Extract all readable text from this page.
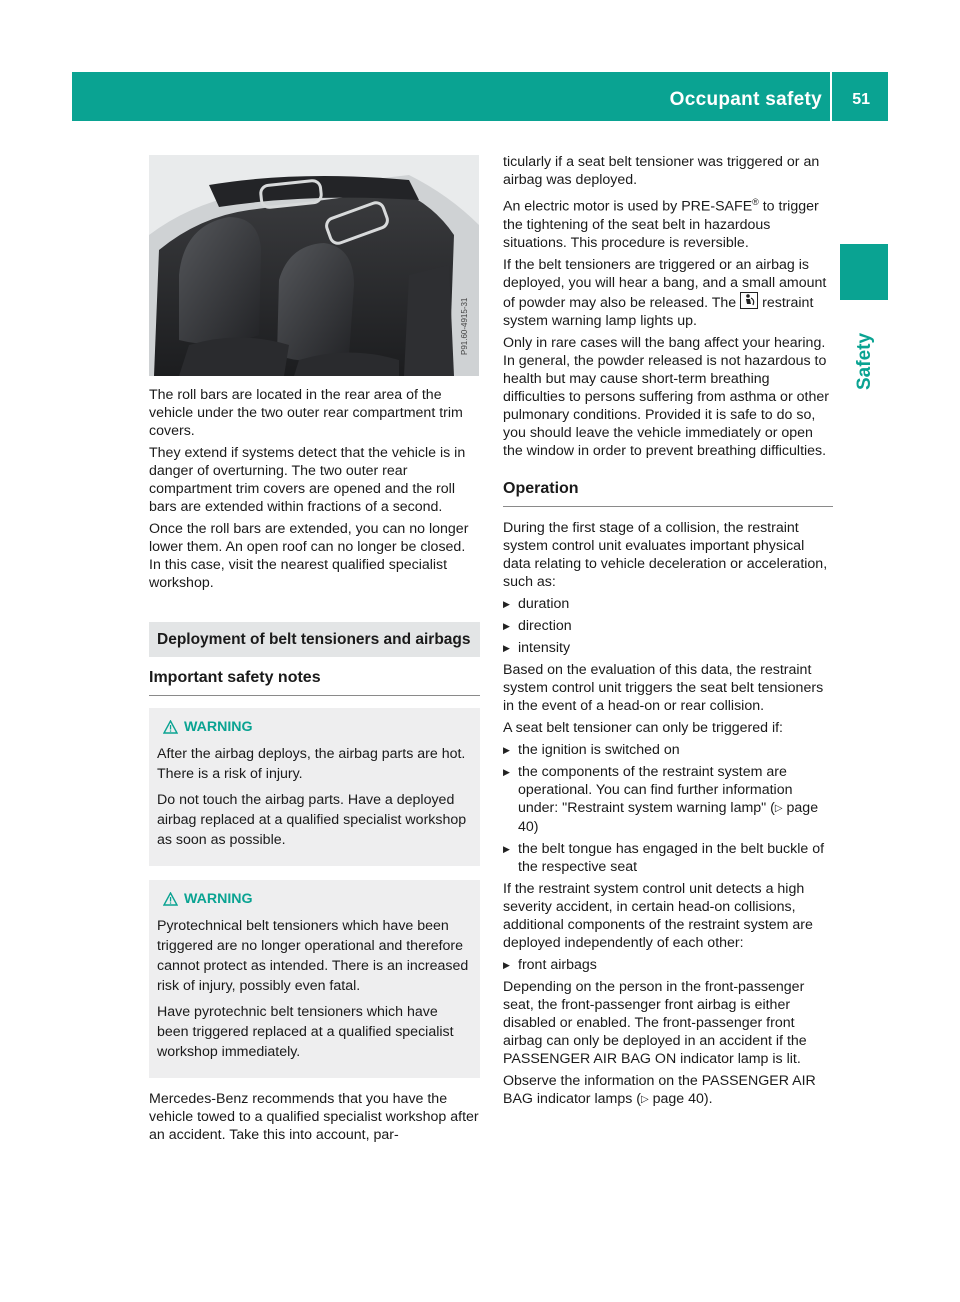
Occupant safety 51
Safety
P91.60-4915-31

The roll bars are located in the rear area of the vehicle under the two outer rear compartment trim covers.

They extend if systems detect that the vehicle is in danger of overturning. The two outer rear compartment trim covers are opened and the roll bars are extended within fractions of a second.

Once the roll bars are extended, you can no longer lower them. An open roof can no longer be closed. In this case, visit the nearest qualified specialist workshop.

Deployment of belt tensioners and airbags
Important safety notes
WARNING

After the airbag deploys, the airbag parts are hot. There is a risk of injury.

Do not touch the airbag parts. Have a deployed airbag replaced at a qualified specialist workshop as soon as possible.

WARNING

Pyrotechnical belt tensioners which have been triggered are no longer operational and therefore cannot protect as intended. There is an increased risk of injury, possibly even fatal.

Have pyrotechnic belt tensioners which have been triggered replaced at a qualified specialist workshop immediately.

Mercedes-Benz recommends that you have the vehicle towed to a qualified specialist workshop after an accident. Take this into account, par-

ticularly if a seat belt tensioner was triggered or an airbag was deployed.

An electric motor is used by PRE-SAFE® to trigger the tightening of the seat belt in hazardous situations. This procedure is reversible.

If the belt tensioners are triggered or an airbag is deployed, you will hear a bang, and a small amount of powder may also be released. The restraint system warning lamp lights up.

Only in rare cases will the bang affect your hearing. In general, the powder released is not hazardous to health but may cause short-term breathing difficulties to persons suffering from asthma or other pulmonary conditions. Provided it is safe to do so, you should leave the vehicle immediately or open the window in order to prevent breathing difficulties.

Operation

During the first stage of a collision, the restraint system control unit evaluates important physical data relating to vehicle deceleration or acceleration, such as:

▶ duration
▶ direction
▶ intensity

Based on the evaluation of this data, the restraint system control unit triggers the seat belt tensioners in the event of a head-on or rear collision.

A seat belt tensioner can only be triggered if:

▶ the ignition is switched on
▶ the components of the restraint system are operational. You can find further information under: "Restraint system warning lamp" (▷ page 40)
▶ the belt tongue has engaged in the belt buckle of the respective seat

If the restraint system control unit detects a high severity accident, in certain head-on collisions, additional components of the restraint system are deployed independently of each other:

▶ front airbags

Depending on the person in the front-passenger seat, the front-passenger front airbag is either disabled or enabled. The front-passenger front airbag can only be deployed in an accident if the PASSENGER AIR BAG ON indicator lamp is lit.

Observe the information on the PASSENGER AIR BAG indicator lamps (▷ page 40).
